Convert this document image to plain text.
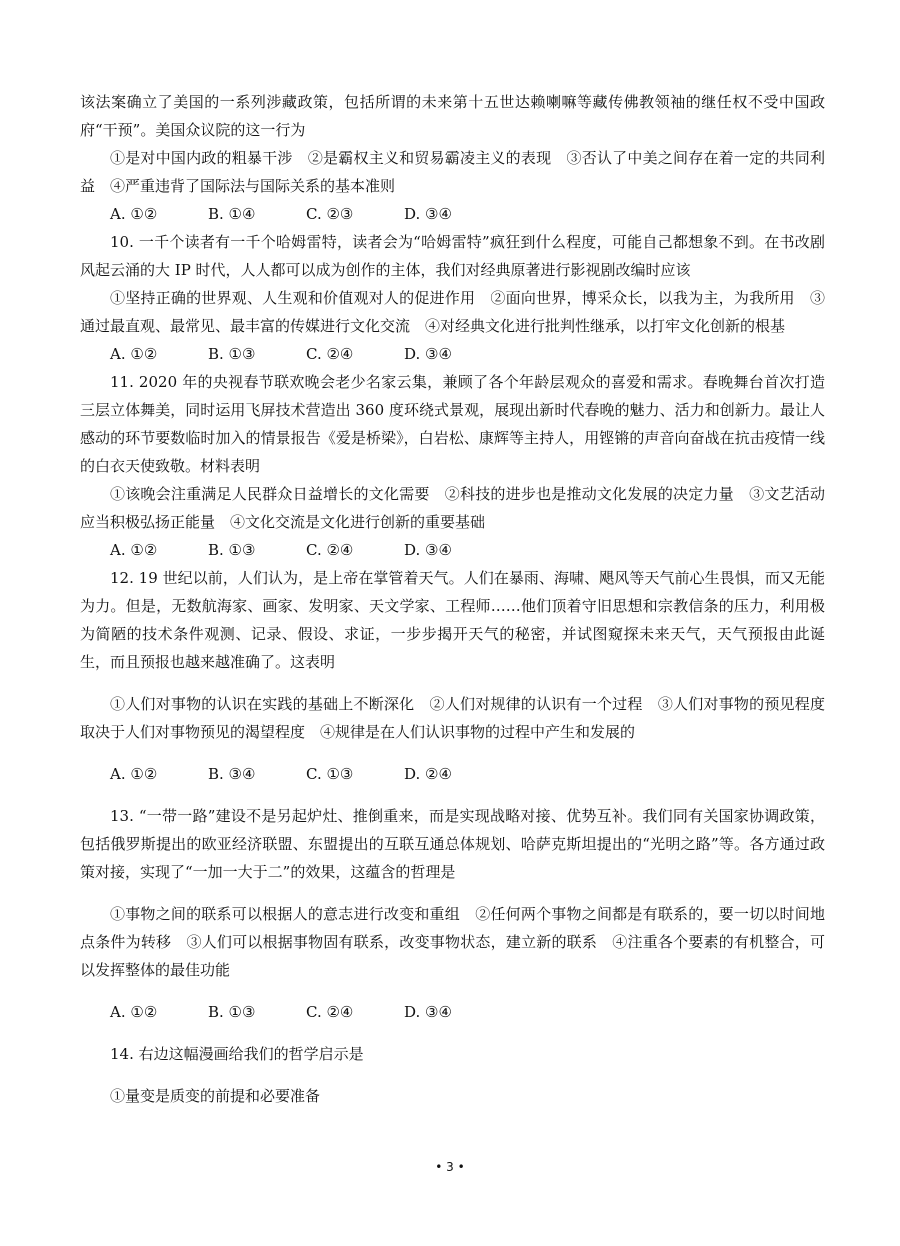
该法案确立了美国的一系列涉藏政策，包括所谓的未来第十五世达赖喇嘛等藏传佛教领袖的继任权不受中国政府“干预”。美国众议院的这一行为

①是对中国内政的粗暴干涉　②是霸权主义和贸易霸凌主义的表现　③否认了中美之间存在着一定的共同利益　④严重违背了国际法与国际关系的基本准则

A. ①②	B. ①④	C. ②③	D. ③④

10. 一千个读者有一千个哈姆雷特，读者会为“哈姆雷特”疯狂到什么程度，可能自己都想象不到。在书改剧风起云涌的大 IP 时代，人人都可以成为创作的主体，我们对经典原著进行影视剧改编时应该

①坚持正确的世界观、人生观和价值观对人的促进作用　②面向世界，博采众长，以我为主，为我所用　③通过最直观、最常见、最丰富的传媒进行文化交流　④对经典文化进行批判性继承，以打牢文化创新的根基

A. ①②	B. ①③	C. ②④	D. ③④

11. 2020 年的央视春节联欢晚会老少名家云集，兼顾了各个年龄层观众的喜爱和需求。春晚舞台首次打造三层立体舞美，同时运用飞屏技术营造出 360 度环绕式景观，展现出新时代春晚的魅力、活力和创新力。最让人感动的环节要数临时加入的情景报告《爱是桥梁》，白岩松、康辉等主持人，用铿锵的声音向奋战在抗击疫情一线的白衣天使致敬。材料表明

①该晚会注重满足人民群众日益增长的文化需要　②科技的进步也是推动文化发展的决定力量　③文艺活动应当积极弘扬正能量　④文化交流是文化进行创新的重要基础

A. ①②	B. ①③	C. ②④	D. ③④

12. 19 世纪以前，人们认为，是上帝在掌管着天气。人们在暴雨、海啸、飓风等天气前心生畏惧，而又无能为力。但是，无数航海家、画家、发明家、天文学家、工程师……他们顶着守旧思想和宗教信条的压力，利用极为简陋的技术条件观测、记录、假设、求证，一步步揭开天气的秘密，并试图窥探未来天气，天气预报由此诞生，而且预报也越来越准确了。这表明

①人们对事物的认识在实践的基础上不断深化　②人们对规律的认识有一个过程　③人们对事物的预见程度取决于人们对事物预见的渴望程度　④规律是在人们认识事物的过程中产生和发展的

A. ①②	B. ③④	C. ①③	D. ②④

13. “一带一路”建设不是另起炉灶、推倒重来，而是实现战略对接、优势互补。我们同有关国家协调政策，包括俄罗斯提出的欧亚经济联盟、东盟提出的互联互通总体规划、哈萨克斯坦提出的“光明之路”等。各方通过政策对接，实现了“一加一大于二”的效果，这蕴含的哲理是

①事物之间的联系可以根据人的意志进行改变和重组　②任何两个事物之间都是有联系的，要一切以时间地点条件为转移　③人们可以根据事物固有联系，改变事物状态，建立新的联系　④注重各个要素的有机整合，可以发挥整体的最佳功能

A. ①②	B. ①③	C. ②④	D. ③④

14. 右边这幅漫画给我们的哲学启示是

①量变是质变的前提和必要准备

• 3 •
